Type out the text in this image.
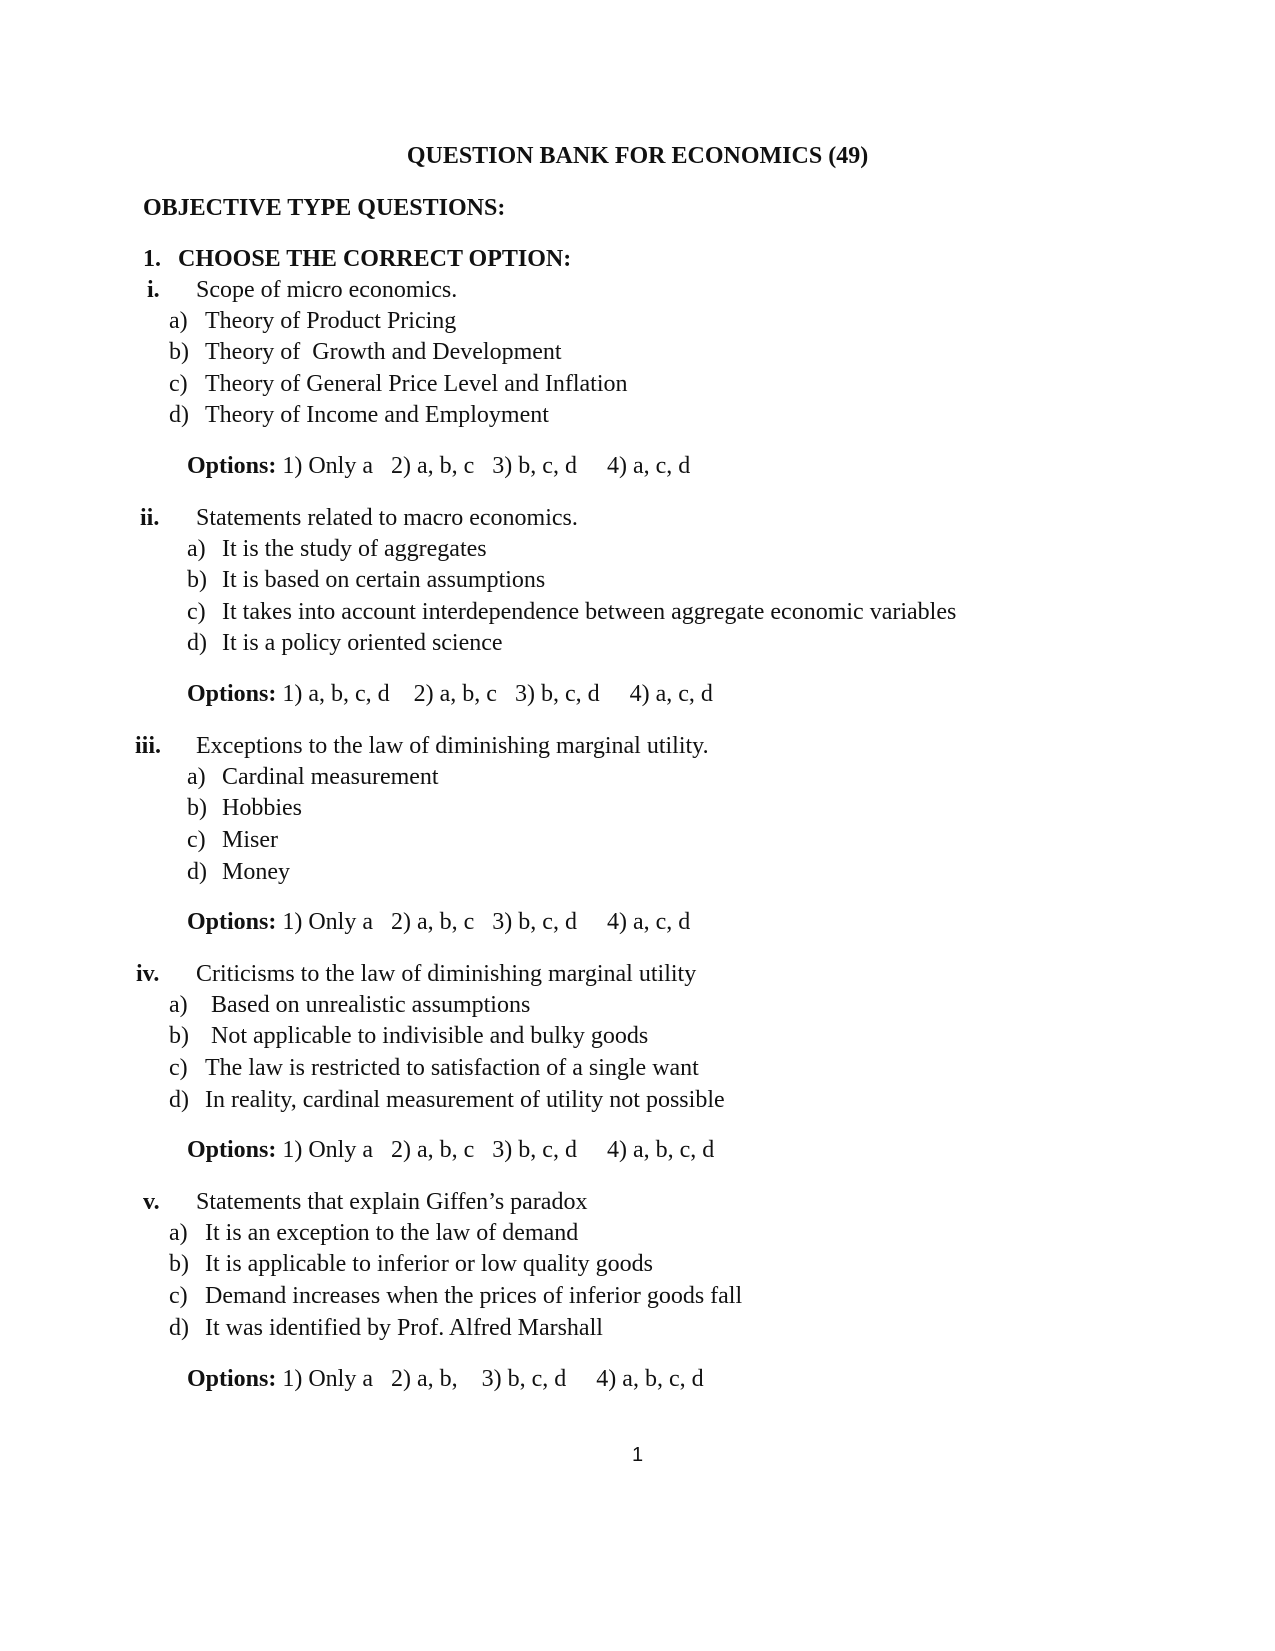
QUESTION BANK FOR ECONOMICS (49)
OBJECTIVE TYPE QUESTIONS:
1. CHOOSE THE CORRECT OPTION:
i. Scope of micro economics.
a) Theory of Product Pricing
b) Theory of  Growth and Development
c) Theory of General Price Level and Inflation
d) Theory of Income and Employment
Options: 1) Only a   2) a, b, c   3) b, c, d     4) a, c, d
ii. Statements related to macro economics.
a) It is the study of aggregates
b) It is based on certain assumptions
c) It takes into account interdependence between aggregate economic variables
d) It is a policy oriented science
Options: 1) a, b, c, d    2) a, b, c   3) b, c, d     4) a, c, d
iii. Exceptions to the law of diminishing marginal utility.
a) Cardinal measurement
b) Hobbies
c) Miser
d) Money
Options: 1) Only a   2) a, b, c   3) b, c, d     4) a, c, d
iv. Criticisms to the law of diminishing marginal utility
a) Based on unrealistic assumptions
b) Not applicable to indivisible and bulky goods
c) The law is restricted to satisfaction of a single want
d) In reality, cardinal measurement of utility not possible
Options: 1) Only a   2) a, b, c   3) b, c, d     4) a, b, c, d
v. Statements that explain Giffen’s paradox
a) It is an exception to the law of demand
b) It is applicable to inferior or low quality goods
c) Demand increases when the prices of inferior goods fall
d) It was identified by Prof. Alfred Marshall
Options: 1) Only a   2) a, b,    3) b, c, d     4) a, b, c, d
1
